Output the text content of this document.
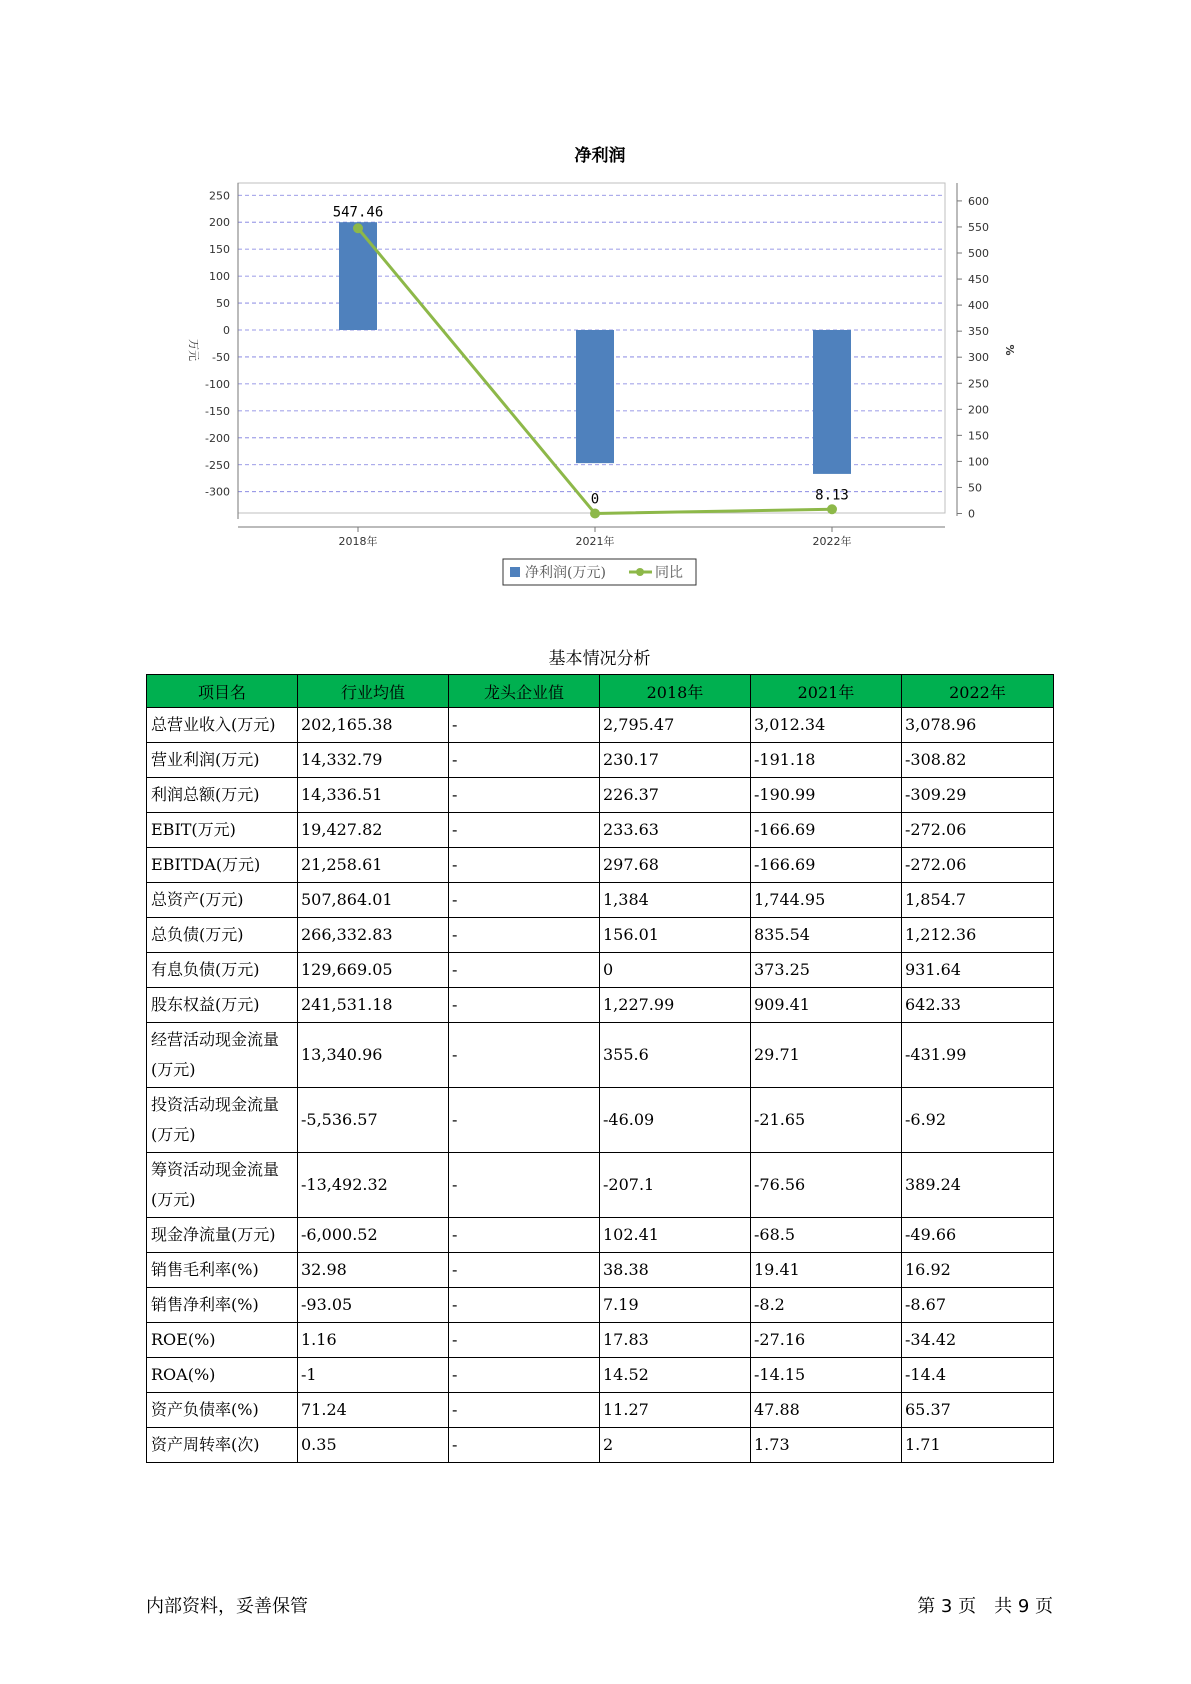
净利润
250
200
150
100
50
0
-50
-100
-150
-200
-250
-300
600
550
500
450
400
350
300
250
200
150
100
50
0
万元	%
2018年	2021年	2022年
547.46
0	8.13
净利润(万元)	同比
基本情况分析
项目名	行业均值	龙头企业值	2018年	2021年	2022年
总营业收入(万元)	202,165.38	-	2,795.47	3,012.34	3,078.96
营业利润(万元)	14,332.79	-	230.17	-191.18	-308.82
利润总额(万元)	14,336.51	-	226.37	-190.99	-309.29
EBIT(万元)	19,427.82	-	233.63	-166.69	-272.06
EBITDA(万元)	21,258.61	-	297.68	-166.69	-272.06
总资产(万元)	507,864.01	-	1,384	1,744.95	1,854.7
总负债(万元)	266,332.83	-	156.01	835.54	1,212.36
有息负债(万元)	129,669.05	-	0	373.25	931.64
股东权益(万元)	241,531.18	-	1,227.99	909.41	642.33
经营活动现金流量(万元)	13,340.96	-	355.6	29.71	-431.99
投资活动现金流量(万元)	-5,536.57	-	-46.09	-21.65	-6.92
筹资活动现金流量(万元)	-13,492.32	-	-207.1	-76.56	389.24
现金净流量(万元)	-6,000.52	-	102.41	-68.5	-49.66
销售毛利率(%)	32.98	-	38.38	19.41	16.92
销售净利率(%)	-93.05	-	7.19	-8.2	-8.67
ROE(%)	1.16	-	17.83	-27.16	-34.42
ROA(%)	-1	-	14.52	-14.15	-14.4
资产负债率(%)	71.24	-	11.27	47.88	65.37
资产周转率(次)	0.35	-	2	1.73	1.71
内部资料，妥善保管	第 3 页　共 9 页
